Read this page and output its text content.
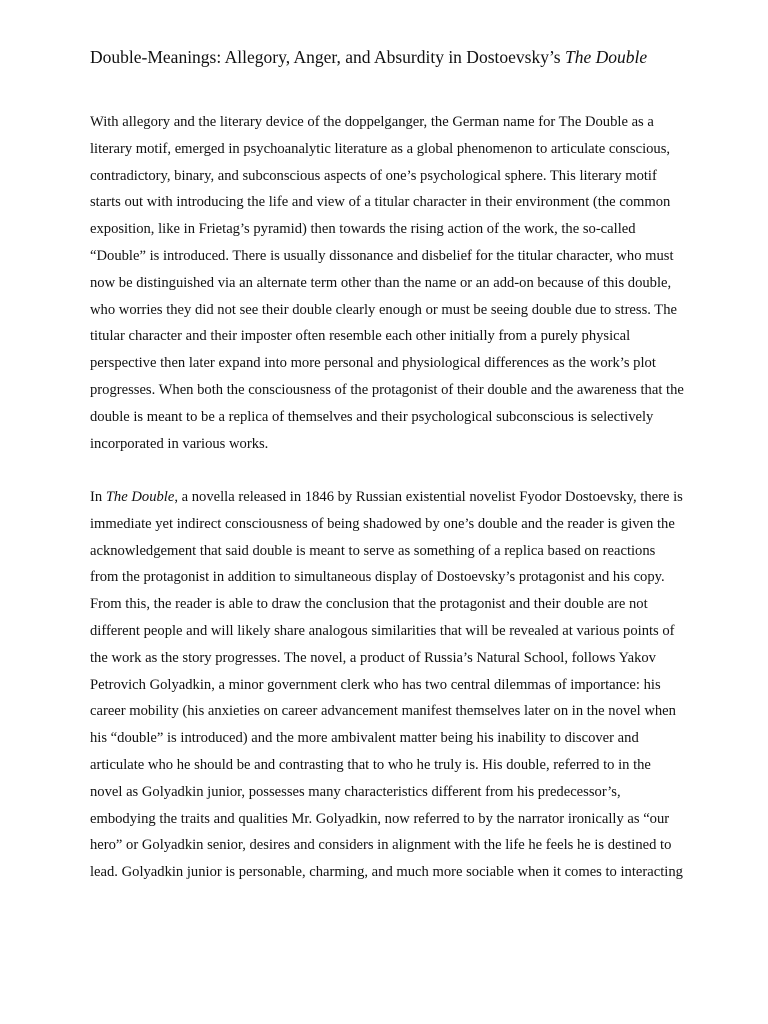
Double-Meanings: Allegory, Anger, and Absurdity in Dostoevsky’s The Double

With allegory and the literary device of the doppelganger, the German name for The Double as a
literary motif, emerged in psychoanalytic literature as a global phenomenon to articulate conscious,
contradictory, binary, and subconscious aspects of one’s psychological sphere. This literary motif
starts out with introducing the life and view of a titular character in their environment (the common
exposition, like in Frietag’s pyramid) then towards the rising action of the work, the so-called
“Double” is introduced. There is usually dissonance and disbelief for the titular character, who must
now be distinguished via an alternate term other than the name or an add-on because of this double,
who worries they did not see their double clearly enough or must be seeing double due to stress. The
titular character and their imposter often resemble each other initially from a purely physical
perspective then later expand into more personal and physiological differences as the work’s plot
progresses. When both the consciousness of the protagonist of their double and the awareness that the
double is meant to be a replica of themselves and their psychological subconscious is selectively
incorporated in various works.

In The Double, a novella released in 1846 by Russian existential novelist Fyodor Dostoevsky, there is
immediate yet indirect consciousness of being shadowed by one’s double and the reader is given the
acknowledgement that said double is meant to serve as something of a replica based on reactions
from the protagonist in addition to simultaneous display of Dostoevsky’s protagonist and his copy.
From this, the reader is able to draw the conclusion that the protagonist and their double are not
different people and will likely share analogous similarities that will be revealed at various points of
the work as the story progresses. The novel, a product of Russia’s Natural School, follows Yakov
Petrovich Golyadkin, a minor government clerk who has two central dilemmas of importance: his
career mobility (his anxieties on career advancement manifest themselves later on in the novel when
his “double” is introduced) and the more ambivalent matter being his inability to discover and
articulate who he should be and contrasting that to who he truly is. His double, referred to in the
novel as Golyadkin junior, possesses many characteristics different from his predecessor’s,
embodying the traits and qualities Mr. Golyadkin, now referred to by the narrator ironically as “our
hero” or Golyadkin senior, desires and considers in alignment with the life he feels he is destined to
lead. Golyadkin junior is personable, charming, and much more sociable when it comes to interacting
